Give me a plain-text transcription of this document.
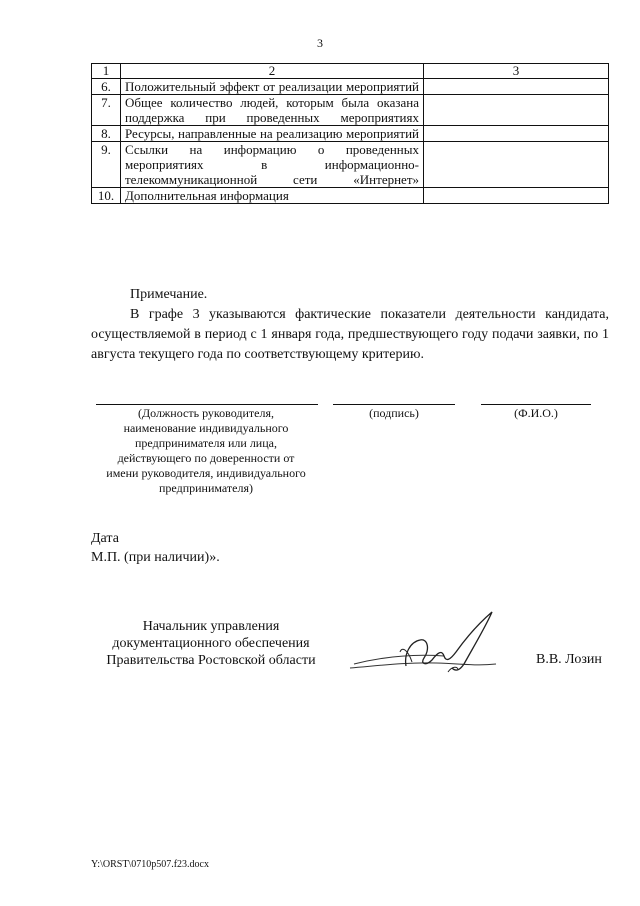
3
1	2	3
6.	Положительный эффект от реализации мероприятий	
7.	Общее количество людей, которым была оказана поддержка при проведенных мероприятиях	
8.	Ресурсы, направленные на реализацию мероприятий	
9.	Ссылки на информацию о проведенных мероприятиях в информационно-телекоммуникационной сети «Интернет»	
10.	Дополнительная информация	
Примечание.
В графе 3 указываются фактические показатели деятельности кандидата, осуществляемой в период с 1 января года, предшествующего году подачи заявки, по 1 августа текущего года по соответствующему критерию.
(Должность руководителя, наименование индивидуального предпринимателя или лица, действующего по доверенности от имени руководителя, индивидуального предпринимателя)
(подпись)	(Ф.И.О.)
Дата
М.П. (при наличии)».
Начальник управления документационного обеспечения Правительства Ростовской области	В.В. Лозин
Y:\ORST\0710p507.f23.docx
